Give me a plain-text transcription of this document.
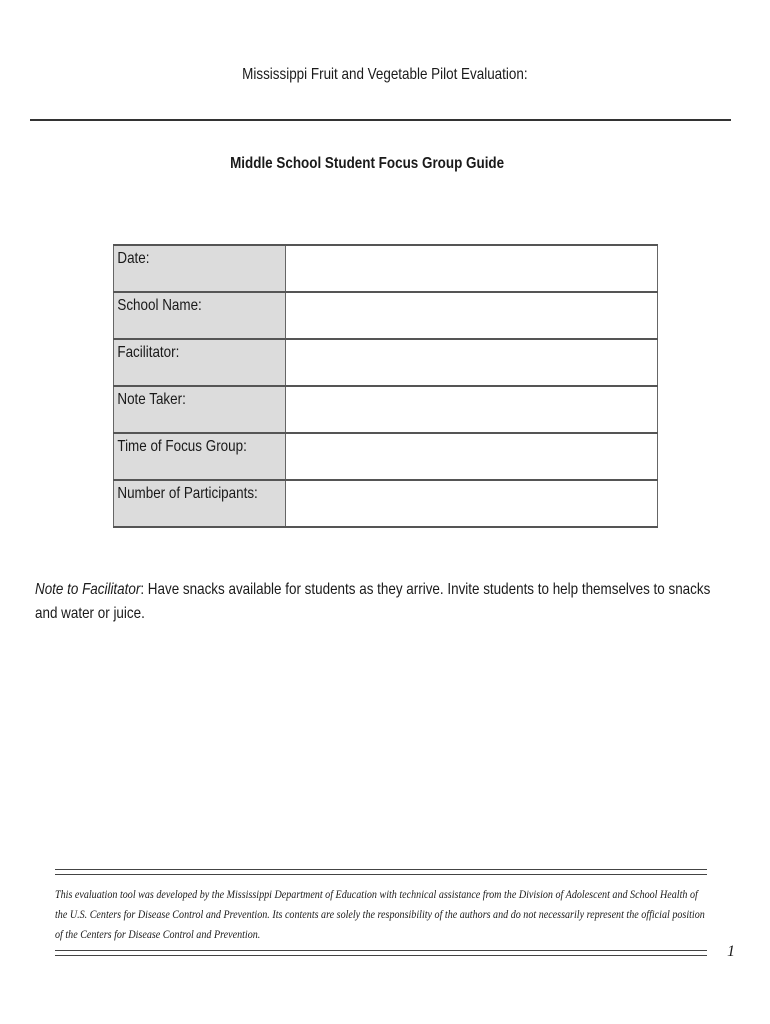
Mississippi Fruit and Vegetable Pilot Evaluation:
Middle School Student Focus Group Guide
Date:	
School Name:	
Facilitator:	
Note Taker:	
Time of Focus Group:	
Number of Participants:	
Note to Facilitator: Have snacks available for students as they arrive. Invite students to help themselves to snacks and water or juice.
This evaluation tool was developed by the Mississippi Department of Education with technical assistance from the Division of Adolescent and School Health of the U.S. Centers for Disease Control and Prevention. Its contents are solely the responsibility of the authors and do not necessarily represent the official position of the Centers for Disease Control and Prevention.
1
